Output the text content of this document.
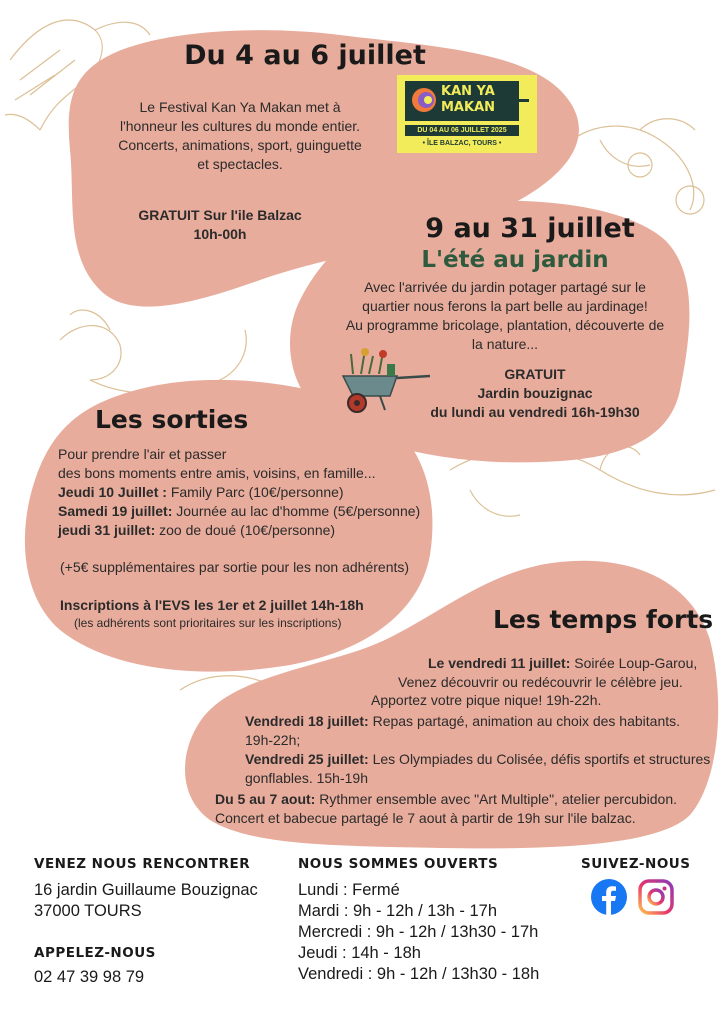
Du 4 au 6 juillet
Le Festival Kan Ya Makan met à
l'honneur les cultures du monde entier.
Concerts, animations, sport, guinguette
et spectacles.
GRATUIT Sur l'ile Balzac
10h-00h
KAN YA
MAKAN
DU 04 AU 06 JUILLET 2025
• ÎLE BALZAC, TOURS •
9 au 31 juillet
L'été au jardin
Avec l'arrivée du jardin potager partagé sur le
quartier nous ferons la part belle au jardinage!
Au programme bricolage, plantation, découverte de
la nature...
GRATUIT
Jardin bouzignac
du lundi au vendredi 16h-19h30
Les sorties
Pour prendre l'air et passer
des bons moments entre amis, voisins, en famille...
Jeudi 10 Juillet : Family Parc (10€/personne)
Samedi 19 juillet: Journée au lac d'homme (5€/personne)
jeudi 31 juillet: zoo de doué (10€/personne)
(+5€ supplémentaires par sortie pour les non adhérents)
Inscriptions à l'EVS les 1er et 2 juillet 14h-18h
(les adhérents sont prioritaires sur les inscriptions)	Les temps forts
Le vendredi 11 juillet: Soirée Loup-Garou,
Venez découvrir ou redécouvrir le célèbre jeu.
Apportez votre pique nique! 19h-22h.
Vendredi 18 juillet: Repas partagé, animation au choix des habitants.
19h-22h;
Vendredi 25 juillet: Les Olympiades du Colisée, défis sportifs et structures
gonflables. 15h-19h
Du 5 au 7 aout: Rythmer ensemble avec "Art Multiple", atelier percubidon.
Concert et babecue partagé le 7 aout à partir de 19h sur l'ile balzac.
VENEZ NOUS RENCONTRER
16 jardin Guillaume Bouzignac
37000 TOURS
APPELEZ-NOUS
02 47 39 98 79
NOUS SOMMES OUVERTS
Lundi : Fermé
Mardi : 9h - 12h / 13h - 17h
Mercredi : 9h - 12h / 13h30 - 17h
Jeudi : 14h - 18h
Vendredi : 9h - 12h / 13h30 - 18h
SUIVEZ-NOUS
